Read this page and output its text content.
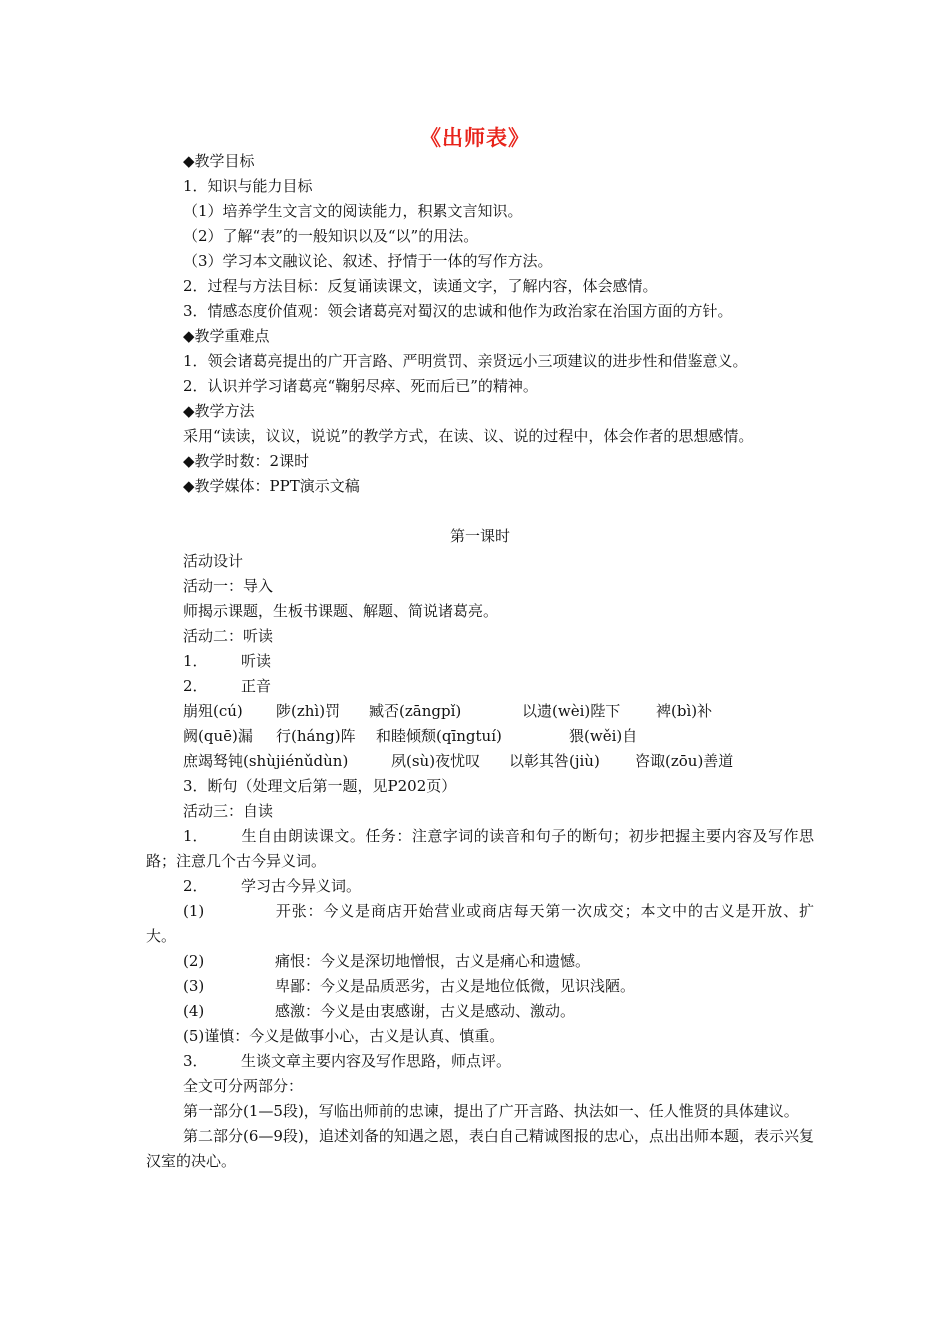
《出师表》

◆教学目标

1．知识与能力目标

（1）培养学生文言文的阅读能力，积累文言知识。

（2）了解“表”的一般知识以及“以”的用法。

（3）学习本文融议论、叙述、抒情于一体的写作方法。

2．过程与方法目标：反复诵读课文，读通文字，了解内容，体会感情。

3．情感态度价值观：领会诸葛亮对蜀汉的忠诚和他作为政治家在治国方面的方针。

◆教学重难点

1．领会诸葛亮提出的广开言路、严明赏罚、亲贤远小三项建议的进步性和借鉴意义。

2．认识并学习诸葛亮“鞠躬尽瘁、死而后已”的精神。

◆教学方法

采用“读读，议议，说说”的教学方式，在读、议、说的过程中，体会作者的思想感情。

◆教学时数：2课时

◆教学媒体：PPT演示文稿

第一课时

活动设计

活动一：导入

师揭示课题，生板书课题、解题、简说诸葛亮。

活动二：听读

1． 听读

2． 正音

崩殂(cú) 陟(zhì)罚 臧否(zāngpǐ)	以遗(wèi)陛下 裨(bì)补

阙(quē)漏 行(háng)阵 和睦倾颓(qīngtuí)	猥(wěi)自

庶竭驽钝(shùjiénǔdùn)	夙(sù)夜忧叹 以彰其咎(jiù) 咨诹(zōu)善道

3．断句（处理文后第一题，见P202页）

活动三：自读

1． 生自由朗读课文。任务：注意字词的读音和句子的断句；初步把握主要内容及写作思路；注意几个古今异义词。

2． 学习古今异义词。

(1)	开张：今义是商店开始营业或商店每天第一次成交；本文中的古义是开放、扩大。

(2)	痛恨：今义是深切地憎恨，古义是痛心和遗憾。

(3)	卑鄙：今义是品质恶劣，古义是地位低微，见识浅陋。

(4)	感激：今义是由衷感谢，古义是感动、激动。

(5)谨慎：今义是做事小心，古义是认真、慎重。

3． 生谈文章主要内容及写作思路，师点评。

全文可分两部分：

第一部分(1—5段)，写临出师前的忠谏，提出了广开言路、执法如一、任人惟贤的具体建议。

第二部分(6—9段)，追述刘备的知遇之恩，表白自己精诚图报的忠心，点出出师本题，表示兴复汉室的决心。
